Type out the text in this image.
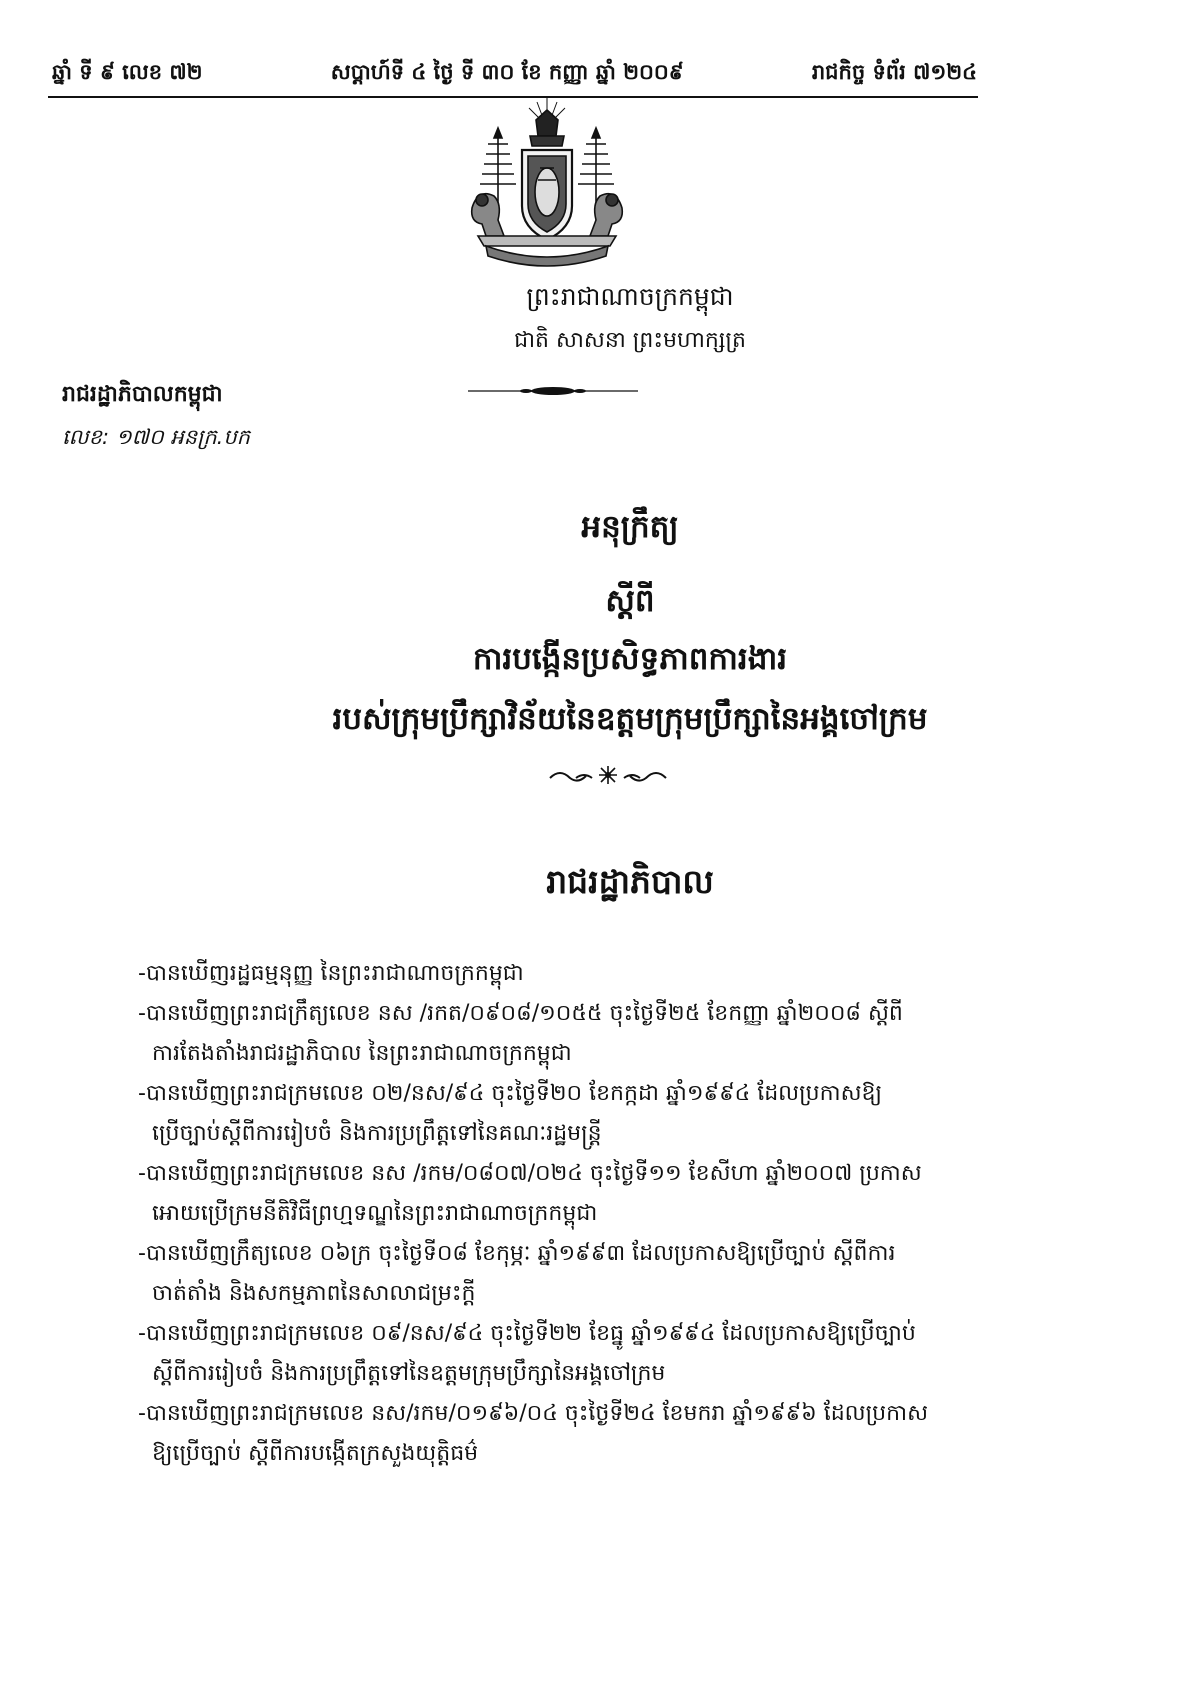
ឆ្នាំ ទី ៩ លេខ ៧២	សប្តាហ៍ទី ៤ ថ្ងៃ ទី ៣០ ខែ កញ្ញា ឆ្នាំ ២០០៩	រាជកិច្ច ទំព័រ ៧១២៤
ព្រះរាជាណាចក្រកម្ពុជា
ជាតិ សាសនា ព្រះមហាក្សត្រ
រាជរដ្ឋាភិបាលកម្ពុជា
លេខ: ១៧០ អនក្រ.បក
អនុក្រឹត្យ
ស្តីពី
ការបង្កើនប្រសិទ្ធភាពការងារ
របស់ក្រុមប្រឹក្សាវិន័យនៃឧត្តមក្រុមប្រឹក្សានៃអង្គចៅក្រម
រាជរដ្ឋាភិបាល
-បានឃើញរដ្ឋធម្មនុញ្ញ នៃព្រះរាជាណាចក្រកម្ពុជា
-បានឃើញព្រះរាជក្រឹត្យលេខ នស /រកត/០៩០៨/១០៥៥ ចុះថ្ងៃទី២៥ ខែកញ្ញា ឆ្នាំ២០០៨ ស្តីពី
ការតែងតាំងរាជរដ្ឋាភិបាល នៃព្រះរាជាណាចក្រកម្ពុជា
-បានឃើញព្រះរាជក្រមលេខ ០២/នស/៩៤ ចុះថ្ងៃទី២០ ខែកក្កដា ឆ្នាំ១៩៩៤ ដែលប្រកាសឱ្យ
ប្រើច្បាប់ស្តីពីការរៀបចំ និងការប្រព្រឹត្តទៅនៃគណៈរដ្ឋមន្ត្រី
-បានឃើញព្រះរាជក្រមលេខ នស /រកម/០៨០៧/០២៤ ចុះថ្ងៃទី១១ ខែសីហា ឆ្នាំ២០០៧ ប្រកាស
អោយប្រើក្រមនីតិវិធីព្រហ្មទណ្ឌនៃព្រះរាជាណាចក្រកម្ពុជា
-បានឃើញក្រឹត្យលេខ ០៦ក្រ ចុះថ្ងៃទី០៨ ខែកុម្ភៈ ឆ្នាំ១៩៩៣ ដែលប្រកាសឱ្យប្រើច្បាប់ ស្តីពីការ
ចាត់តាំង និងសកម្មភាពនៃសាលាជម្រះក្តី
-បានឃើញព្រះរាជក្រមលេខ ០៩/នស/៩៤ ចុះថ្ងៃទី២២ ខែធ្នូ ឆ្នាំ១៩៩៤ ដែលប្រកាសឱ្យប្រើច្បាប់
ស្តីពីការរៀបចំ និងការប្រព្រឹត្តទៅនៃឧត្តមក្រុមប្រឹក្សានៃអង្គចៅក្រម
-បានឃើញព្រះរាជក្រមលេខ នស/រកម/០១៩៦/០៤ ចុះថ្ងៃទី២៤ ខែមករា ឆ្នាំ១៩៩៦ ដែលប្រកាស
ឱ្យប្រើច្បាប់ ស្តីពីការបង្កើតក្រសួងយុត្តិធម៌
